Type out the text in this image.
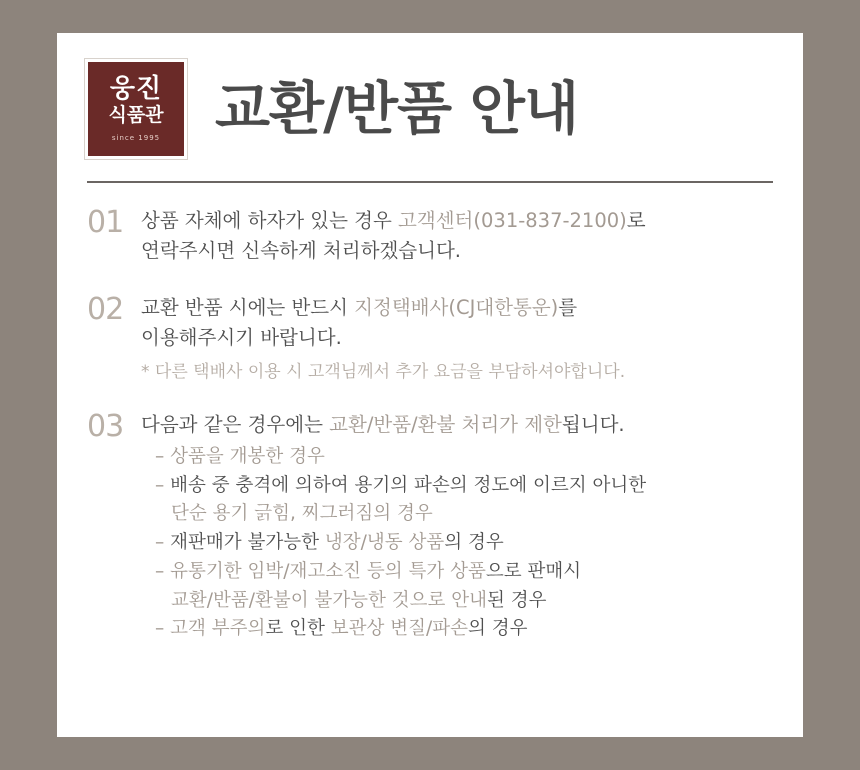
웅진
식품관
since 1995 교환/반품 안내
01 상품 자체에 하자가 있는 경우 고객센터(031-837-2100)로
연락주시면 신속하게 처리하겠습니다.
02 교환 반품 시에는 반드시 지정택배사(CJ대한통운)를
이용해주시기 바랍니다.
* 다른 택배사 이용 시 고객님께서 추가 요금을 부담하셔야합니다.
03 다음과 같은 경우에는 교환/반품/환불 처리가 제한됩니다.
– 상품을 개봉한 경우
– 배송 중 충격에 의하여 용기의 파손의 정도에 이르지 아니한
단순 용기 긁힘, 찌그러짐의 경우
– 재판매가 불가능한 냉장/냉동 상품의 경우
– 유통기한 임박/재고소진 등의 특가 상품으로 판매시
교환/반품/환불이 불가능한 것으로 안내된 경우
– 고객 부주의로 인한 보관상 변질/파손의 경우
